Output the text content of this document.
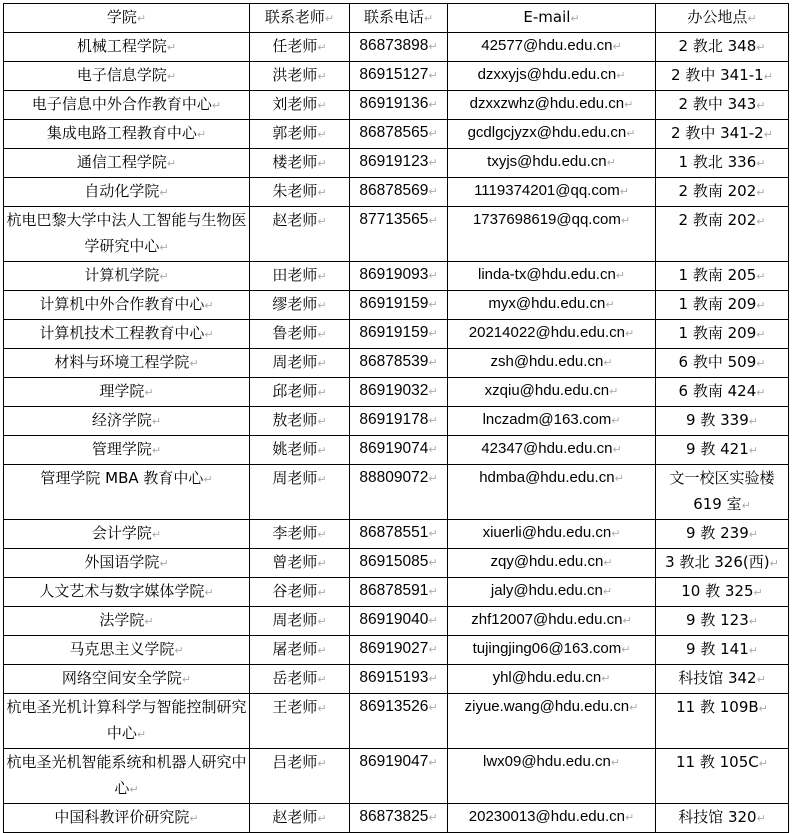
学院↵	联系老师↵	联系电话↵	E-mail↵	办公地点↵
机械工程学院↵	任老师↵	86873898↵	42577@hdu.edu.cn↵	2 教北 348↵
电子信息学院↵	洪老师↵	86915127↵	dzxxyjs@hdu.edu.cn↵	2 教中 341-1↵
电子信息中外合作教育中心↵	刘老师↵	86919136↵	dzxxzwhz@hdu.edu.cn↵	2 教中 343↵
集成电路工程教育中心↵	郭老师↵	86878565↵	gcdlgcjyzx@hdu.edu.cn↵	2 教中 341-2↵
通信工程学院↵	楼老师↵	86919123↵	txyjs@hdu.edu.cn↵	1 教北 336↵
自动化学院↵	朱老师↵	86878569↵	1119374201@qq.com↵	2 教南 202↵
杭电巴黎大学中法人工智能与生物医学研究中心↵	赵老师↵	87713565↵	1737698619@qq.com↵	2 教南 202↵
计算机学院↵	田老师↵	86919093↵	linda-tx@hdu.edu.cn↵	1 教南 205↵
计算机中外合作教育中心↵	缪老师↵	86919159↵	myx@hdu.edu.cn↵	1 教南 209↵
计算机技术工程教育中心↵	鲁老师↵	86919159↵	20214022@hdu.edu.cn↵	1 教南 209↵
材料与环境工程学院↵	周老师↵	86878539↵	zsh@hdu.edu.cn↵	6 教中 509↵
理学院↵	邱老师↵	86919032↵	xzqiu@hdu.edu.cn↵	6 教南 424↵
经济学院↵	敖老师↵	86919178↵	lnczadm@163.com↵	9 教 339↵
管理学院↵	姚老师↵	86919074↵	42347@hdu.edu.cn↵	9 教 421↵
管理学院 MBA 教育中心↵	周老师↵	88809072↵	hdmba@hdu.edu.cn↵	文一校区实验楼 619 室↵
会计学院↵	李老师↵	86878551↵	xiuerli@hdu.edu.cn↵	9 教 239↵
外国语学院↵	曾老师↵	86915085↵	zqy@hdu.edu.cn↵	3 教北 326(西)↵
人文艺术与数字媒体学院↵	谷老师↵	86878591↵	jaly@hdu.edu.cn↵	10 教 325↵
法学院↵	周老师↵	86919040↵	zhf12007@hdu.edu.cn↵	9 教 123↵
马克思主义学院↵	屠老师↵	86919027↵	tujingjing06@163.com↵	9 教 141↵
网络空间安全学院↵	岳老师↵	86915193↵	yhl@hdu.edu.cn↵	科技馆 342↵
杭电圣光机计算科学与智能控制研究中心↵	王老师↵	86913526↵	ziyue.wang@hdu.edu.cn↵	11 教 109B↵
杭电圣光机智能系统和机器人研究中心↵	吕老师↵	86919047↵	lwx09@hdu.edu.cn↵	11 教 105C↵
中国科教评价研究院↵	赵老师↵	86873825↵	20230013@hdu.edu.cn↵	科技馆 320↵
